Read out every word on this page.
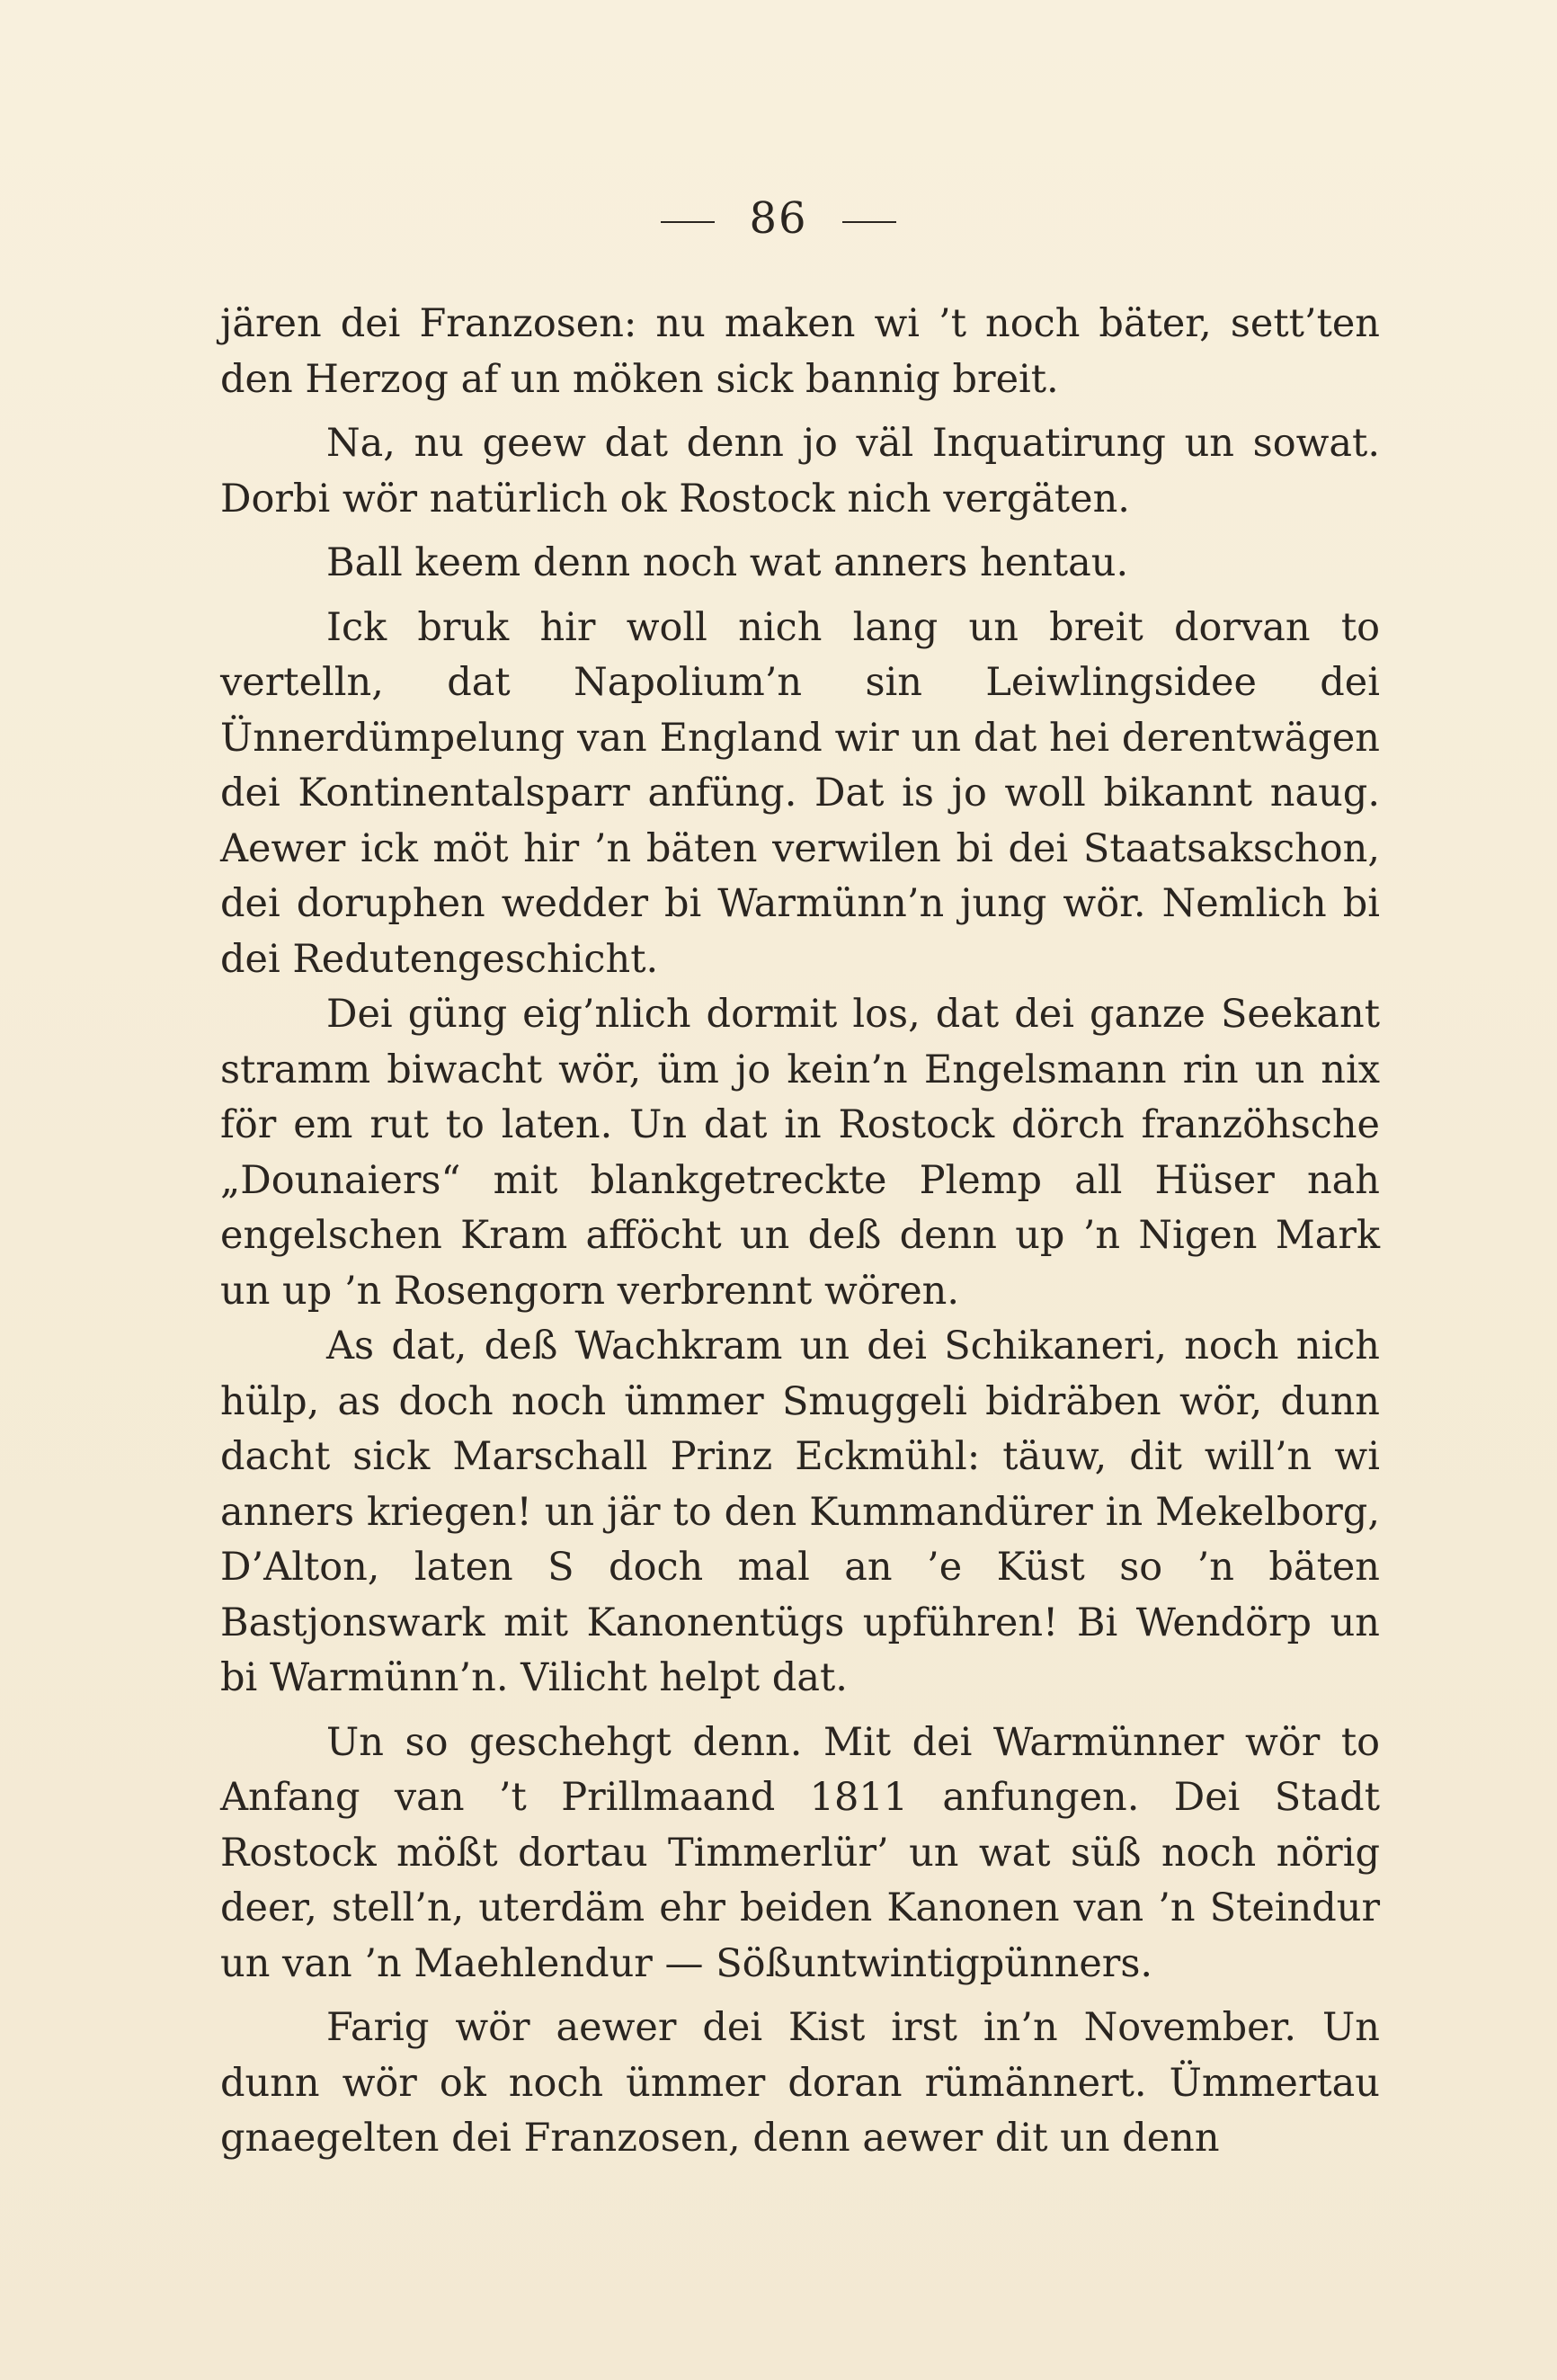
86

jären dei Franzosen: nu maken wi ’t noch bäter, sett’ten den Herzog af un möken sick bannig breit.

Na, nu geew dat denn jo väl Inquatirung un sowat. Dorbi wör natürlich ok Rostock nich vergäten.

Ball keem denn noch wat anners hentau.

Ick bruk hir woll nich lang un breit dorvan to vertelln, dat Napolium’n sin Leiwlingsidee dei Ünnerdümpelung van England wir un dat hei derentwägen dei Kontinentalsparr anfüng. Dat is jo woll bikannt naug. Aewer ick möt hir ’n bäten verwilen bi dei Staatsakschon, dei doruphen wedder bi Warmünn’n jung wör. Nemlich bi dei Redutengeschicht.

Dei güng eig’nlich dormit los, dat dei ganze Seekant stramm biwacht wör, üm jo kein’n Engelsmann rin un nix för em rut to laten. Un dat in Rostock dörch franzöhsche „Dounaiers“ mit blankgetreckte Plemp all Hüser nah engelschen Kram afföcht un deß denn up ’n Nigen Mark un up ’n Rosengorn verbrennt wören.

As dat, deß Wachkram un dei Schikaneri, noch nich hülp, as doch noch ümmer Smuggeli bidräben wör, dunn dacht sick Marschall Prinz Eckmühl: täuw, dit will’n wi anners kriegen! un jär to den Kummandürer in Mekelborg, D’Alton, laten S doch mal an ’e Küst so ’n bäten Bastjonswark mit Kanonentügs upführen! Bi Wendörp un bi Warmünn’n. Vilicht helpt dat.

Un so geschehgt denn. Mit dei Warmünner wör to Anfang van ’t Prillmaand 1811 anfungen. Dei Stadt Rostock mößt dortau Timmerlür’ un wat süß noch nörig deer, stell’n, uterdäm ehr beiden Kanonen van ’n Steindur un van ’n Maehlendur — Sößuntwintigpünners.

Farig wör aewer dei Kist irst in’n November. Un dunn wör ok noch ümmer doran rümännert. Ümmertau gnaegelten dei Franzosen, denn aewer dit un denn
